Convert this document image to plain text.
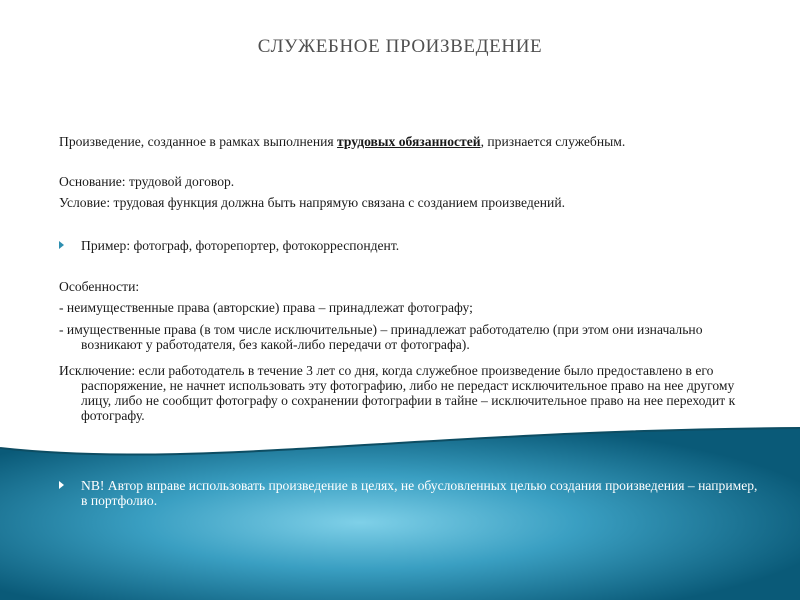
СЛУЖЕБНОЕ ПРОИЗВЕДЕНИЕ

Произведение, созданное в рамках выполнения трудовых обязанностей, признается служебным.

Основание: трудовой договор.

Условие: трудовая функция должна быть напрямую связана с созданием произведений.

Пример: фотограф, фоторепортер, фотокорреспондент.

Особенности:

- неимущественные права (авторские) права – принадлежат фотографу;

- имущественные права (в том числе исключительные) – принадлежат работодателю (при этом они изначально возникают у работодателя, без какой-либо передачи от фотографа).

Исключение: если работодатель в течение 3 лет со дня, когда служебное произведение было предоставлено в его распоряжение, не начнет использовать эту фотографию, либо не передаст исключительное право на нее другому лицу, либо не сообщит фотографу о сохранении фотографии в тайне – исключительное право на нее переходит к фотографу.

NB! Автор вправе использовать произведение в целях, не обусловленных целью создания произведения – например, в портфолио.
